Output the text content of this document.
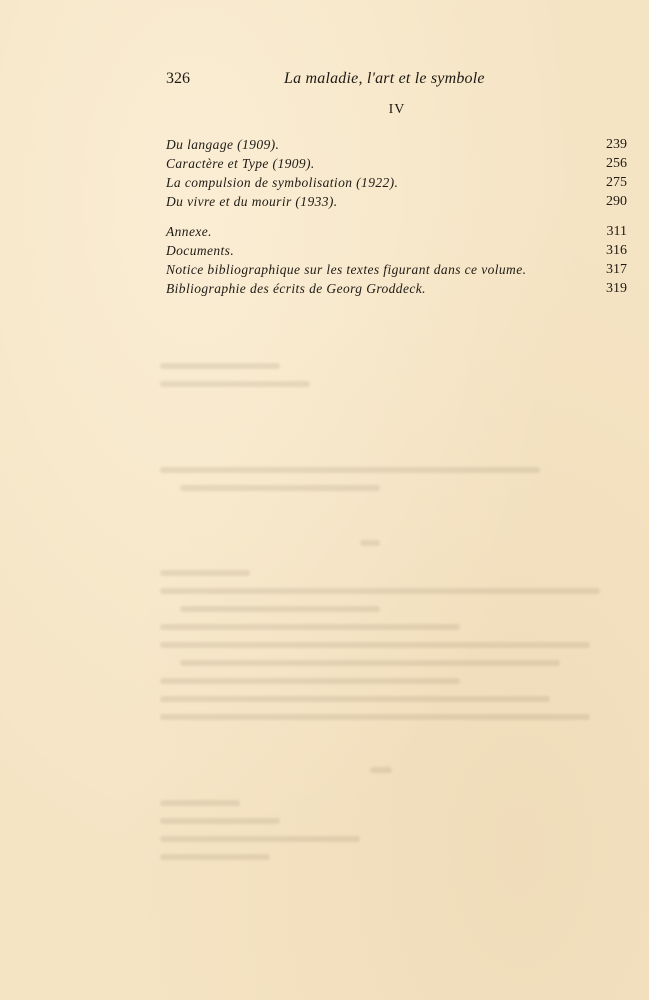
326	La maladie, l'art et le symbole
IV
Du langage (1909).	239
Caractère et Type (1909).	256
La compulsion de symbolisation (1922).	275
Du vivre et du mourir (1933).	290
Annexe.	311
Documents.	316
Notice bibliographique sur les textes figurant dans ce volume.	317
Bibliographie des écrits de Georg Groddeck.	319
